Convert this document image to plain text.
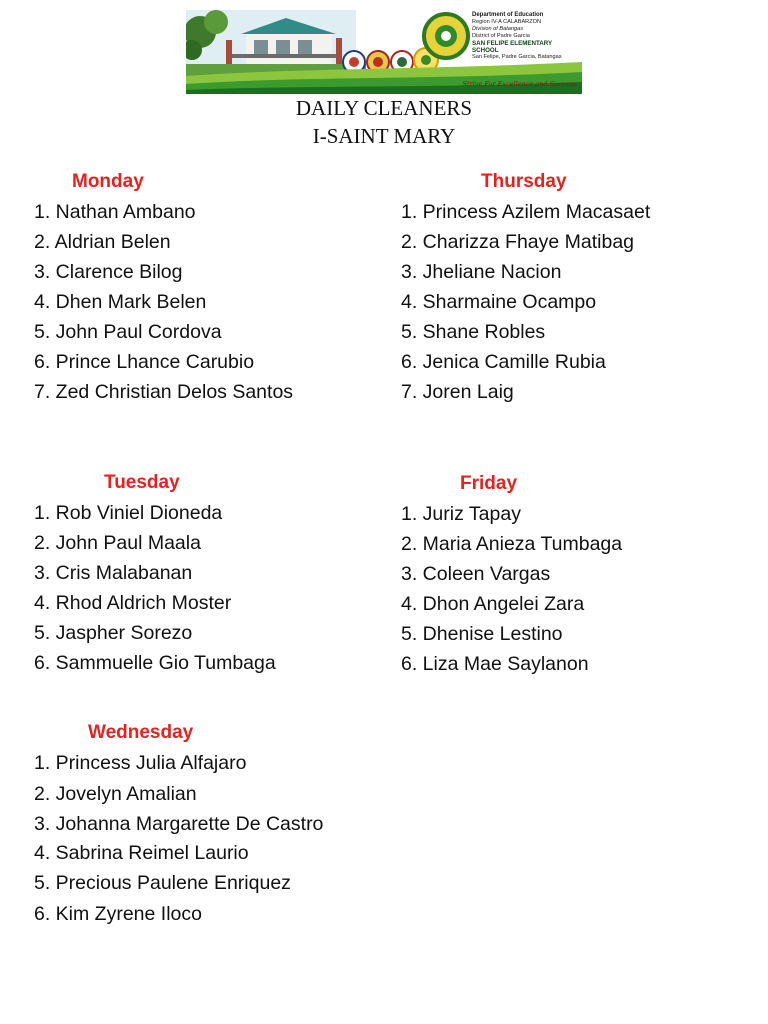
Department of Education
Region IV-A CALABARZON
Division of Batangas
District of Padre Garcia
SAN FELIPE ELEMENTARY SCHOOL
San Felipe, Padre Garcia, Batangas
Strive For Excellence and Success
DAILY CLEANERS
I-SAINT MARY
Monday
1. Nathan Ambano
2. Aldrian Belen
3. Clarence Bilog
4. Dhen Mark Belen
5. John Paul Cordova
6. Prince Lhance Carubio
7. Zed Christian Delos Santos
Thursday
1. Princess Azilem Macasaet
2. Charizza Fhaye Matibag
3. Jheliane Nacion
4. Sharmaine Ocampo
5. Shane Robles
6. Jenica Camille Rubia
7. Joren Laig
Tuesday
1. Rob Viniel Dioneda
2. John Paul Maala
3. Cris Malabanan
4. Rhod Aldrich Moster
5. Jaspher Sorezo
6. Sammuelle Gio Tumbaga
Friday
1. Juriz Tapay
2. Maria Anieza Tumbaga
3. Coleen Vargas
4. Dhon Angelei Zara
5. Dhenise Lestino
6. Liza Mae Saylanon
Wednesday
1. Princess Julia Alfajaro
2. Jovelyn Amalian
3. Johanna Margarette De Castro
4. Sabrina Reimel Laurio
5. Precious Paulene Enriquez
6. Kim Zyrene Iloco
